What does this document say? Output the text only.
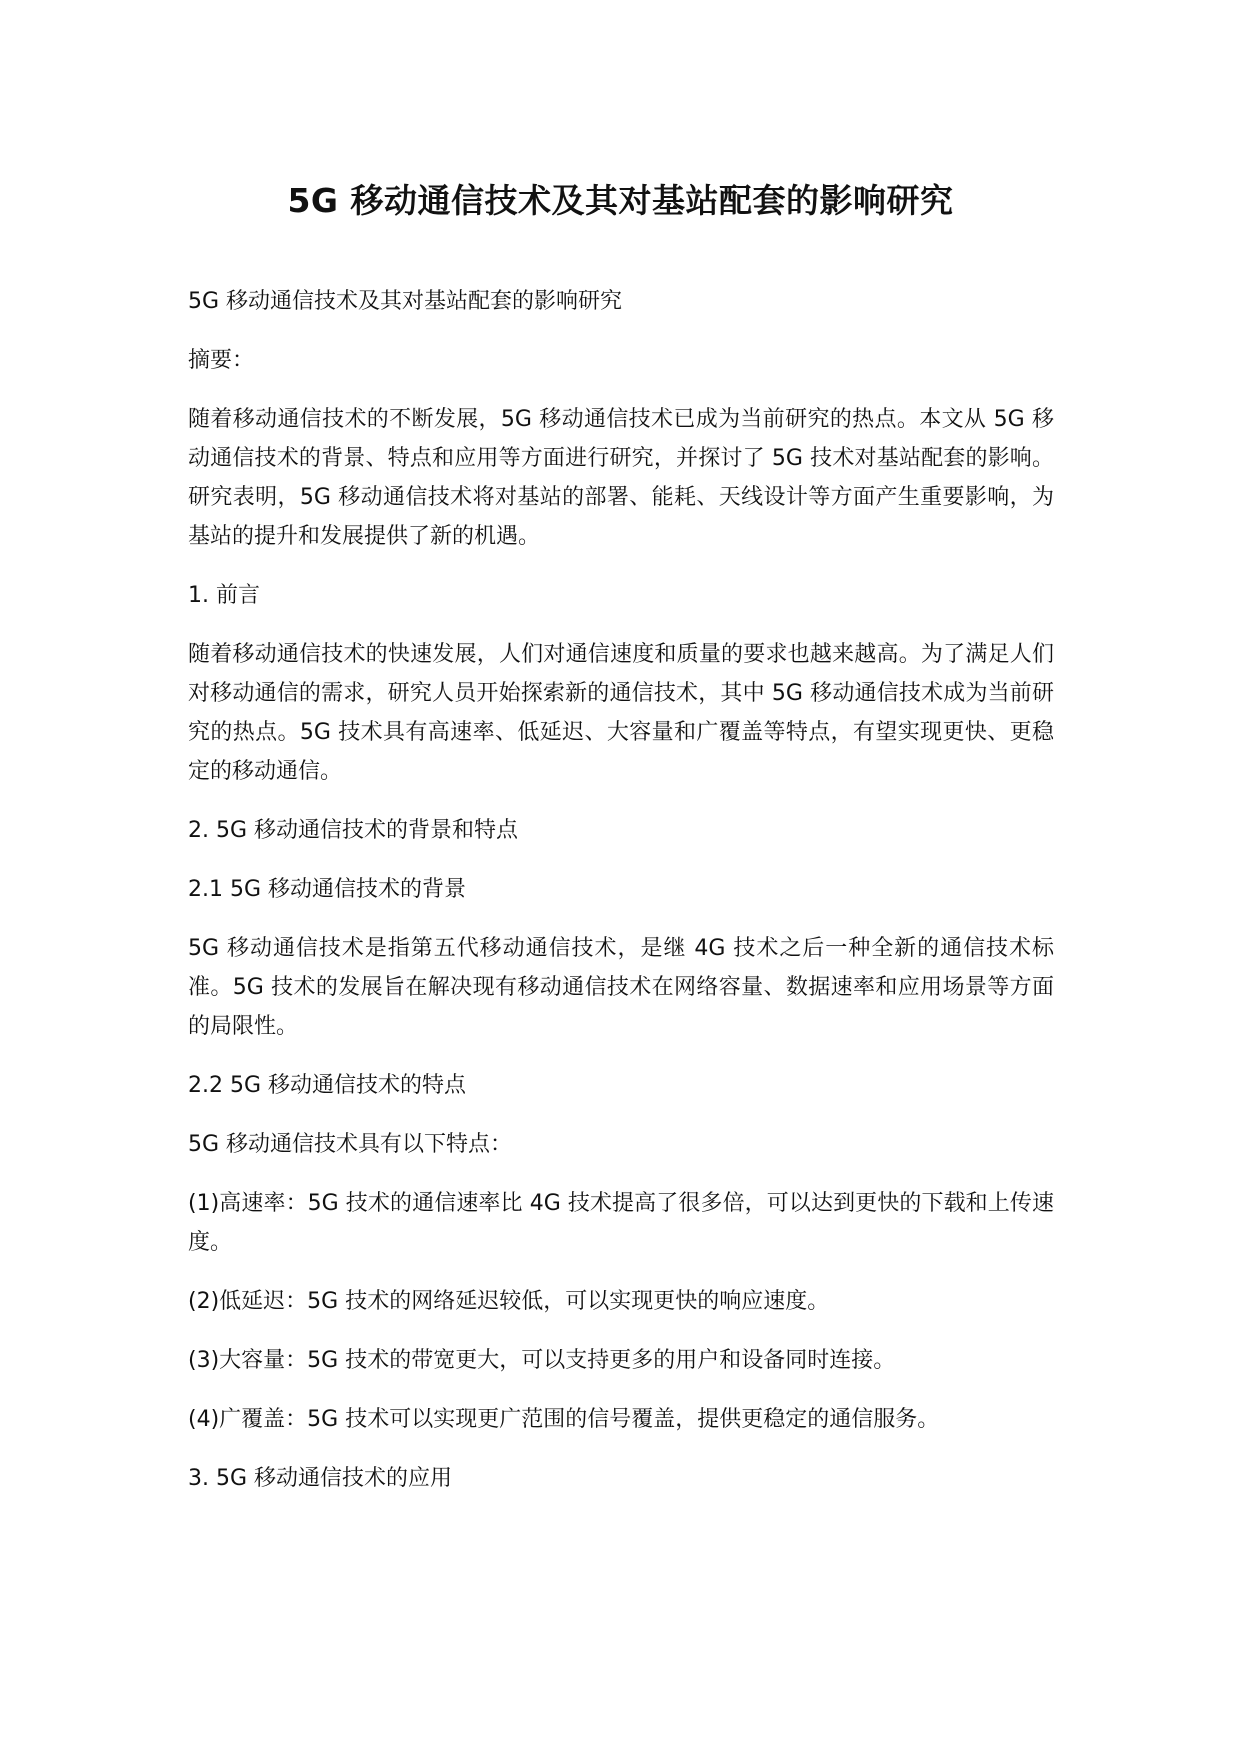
5G 移动通信技术及其对基站配套的影响研究

5G 移动通信技术及其对基站配套的影响研究

摘要：

随着移动通信技术的不断发展，5G 移动通信技术已成为当前研究的热点。本文从 5G 移动通信技术的背景、特点和应用等方面进行研究，并探讨了 5G 技术对基站配套的影响。研究表明，5G 移动通信技术将对基站的部署、能耗、天线设计等方面产生重要影响，为基站的提升和发展提供了新的机遇。

1. 前言

随着移动通信技术的快速发展，人们对通信速度和质量的要求也越来越高。为了满足人们对移动通信的需求，研究人员开始探索新的通信技术，其中 5G 移动通信技术成为当前研究的热点。5G 技术具有高速率、低延迟、大容量和广覆盖等特点，有望实现更快、更稳定的移动通信。

2. 5G 移动通信技术的背景和特点

2.1 5G 移动通信技术的背景

5G 移动通信技术是指第五代移动通信技术，是继 4G 技术之后一种全新的通信技术标准。5G 技术的发展旨在解决现有移动通信技术在网络容量、数据速率和应用场景等方面的局限性。

2.2 5G 移动通信技术的特点

5G 移动通信技术具有以下特点：

(1)高速率：5G 技术的通信速率比 4G 技术提高了很多倍，可以达到更快的下载和上传速度。

(2)低延迟：5G 技术的网络延迟较低，可以实现更快的响应速度。

(3)大容量：5G 技术的带宽更大，可以支持更多的用户和设备同时连接。

(4)广覆盖：5G 技术可以实现更广范围的信号覆盖，提供更稳定的通信服务。

3. 5G 移动通信技术的应用
